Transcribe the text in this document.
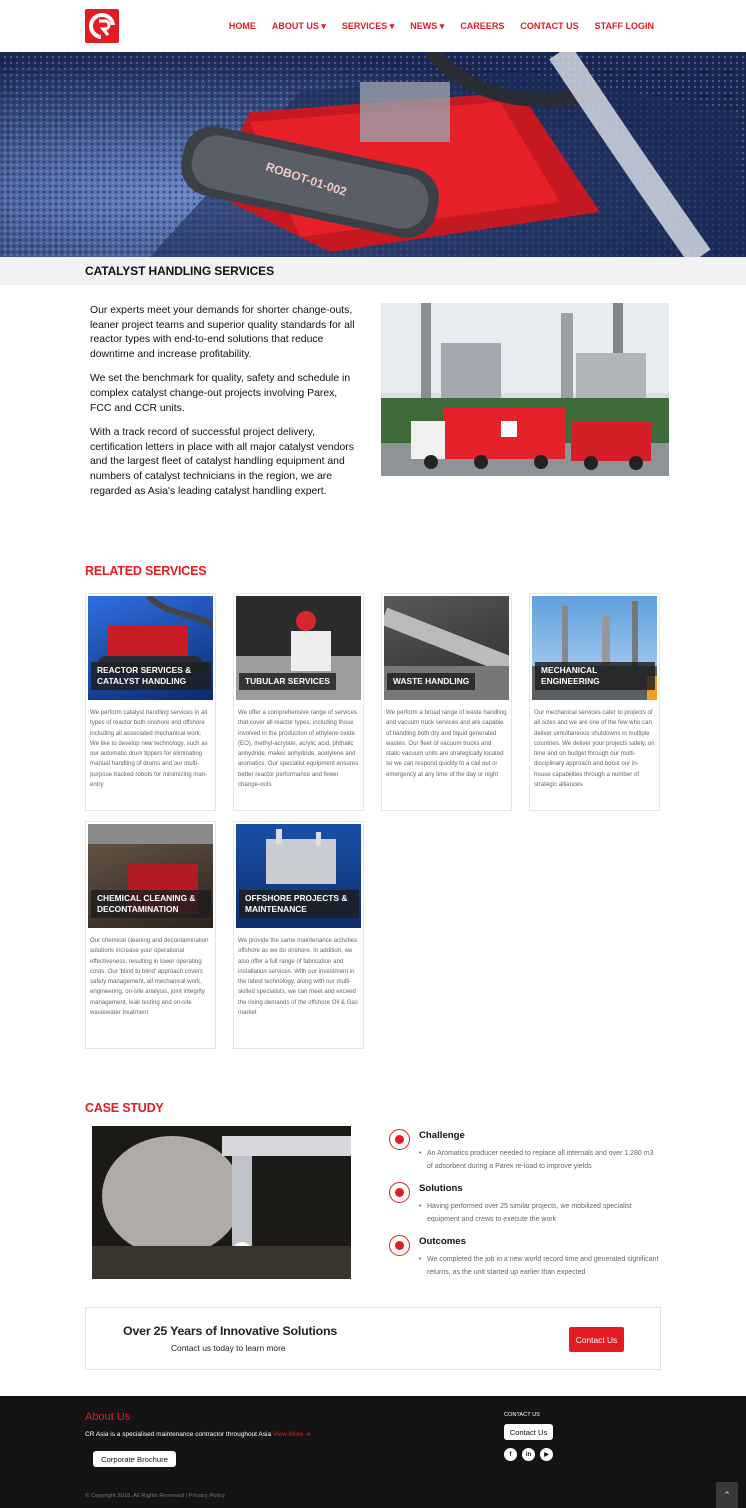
HOME ABOUT US ▾ SERVICES ▾ NEWS ▾ CAREERS CONTACT US STAFF LOGIN
ROBOT-01-002
CATALYST HANDLING SERVICES

Our experts meet your demands for shorter change-outs, leaner project teams and superior quality standards for all reactor types with end-to-end solutions that reduce downtime and increase profitability.

We set the benchmark for quality, safety and schedule in complex catalyst change-out projects involving Parex, FCC and CCR units.

With a track record of successful project delivery, certification letters in place with all major catalyst vendors and the largest fleet of catalyst handling equipment and numbers of catalyst technicians in the region, we are regarded as Asia's leading catalyst handling expert.

RELATED SERVICES
REACTOR SERVICES & CATALYST HANDLING
We perform catalyst handling services in all types of reactor both onshore and offshore including all associated mechanical work. We like to develop new technology, such as our automatic drum tippers for eliminating manual handling of drums and our multi-purpose tracked robots for minimizing man-entry
TUBULAR SERVICES
We offer a comprehensive range of services that cover all reactor types, including those involved in the production of ethylene oxide (EO), methyl-acrylate, acrylic acid, phthalic anhydride, maleic anhydride, acetylene and aromatics. Our specialist equipment ensures better reactor performance and fewer change-outs
WASTE HANDLING
We perform a broad range of waste handling and vacuum truck services and are capable of handling both dry and liquid generated wastes. Our fleet of vacuum trucks and static vacuum units are strategically located so we can respond quickly to a call out or emergency at any time of the day or night
MECHANICAL ENGINEERING
Our mechanical services cater to projects of all sizes and we are one of the few who can deliver simultaneous shutdowns in multiple countries. We deliver your projects safely, on time and on budget through our multi-disciplinary approach and boost our in-house capabilities through a number of strategic alliances
CHEMICAL CLEANING & DECONTAMINATION
Our chemical cleaning and decontamination solutions increase your operational effectiveness, resulting in lower operating costs. Our 'blind to blind' approach covers safety management, all mechanical work, engineering, on-site analysis, joint integrity management, leak testing and on-site wastewater treatment
OFFSHORE PROJECTS & MAINTENANCE
We provide the same maintenance activities offshore as we do onshore. In addition, we also offer a full range of fabrication and installation services. With our investment in the latest technology, along with our multi-skilled specialists, we can meet and exceed the rising demands of the offshore Oil & Gas market
CASE STUDY
Challenge
• An Aromatics producer needed to replace all internals and over 1,280 m3 of adsorbent during a Parex re-load to improve yields
Solutions
• Having performed over 25 similar projects, we mobilized specialist equipment and crews to execute the work
Outcomes
• We completed the job in a new world record time and generated significant returns, as the unit started up earlier than expected
Over 25 Years of Innovative Solutions

Contact us today to learn more

Contact Us
About Us
CR Asia is a specialised maintenance contractor throughout Asia View More ➔
Corporate Brochure
CONTACT US
Contact Us
f	in	▶
© Copyright 2018. All Rights Reserved | Privacy Policy	⌃
